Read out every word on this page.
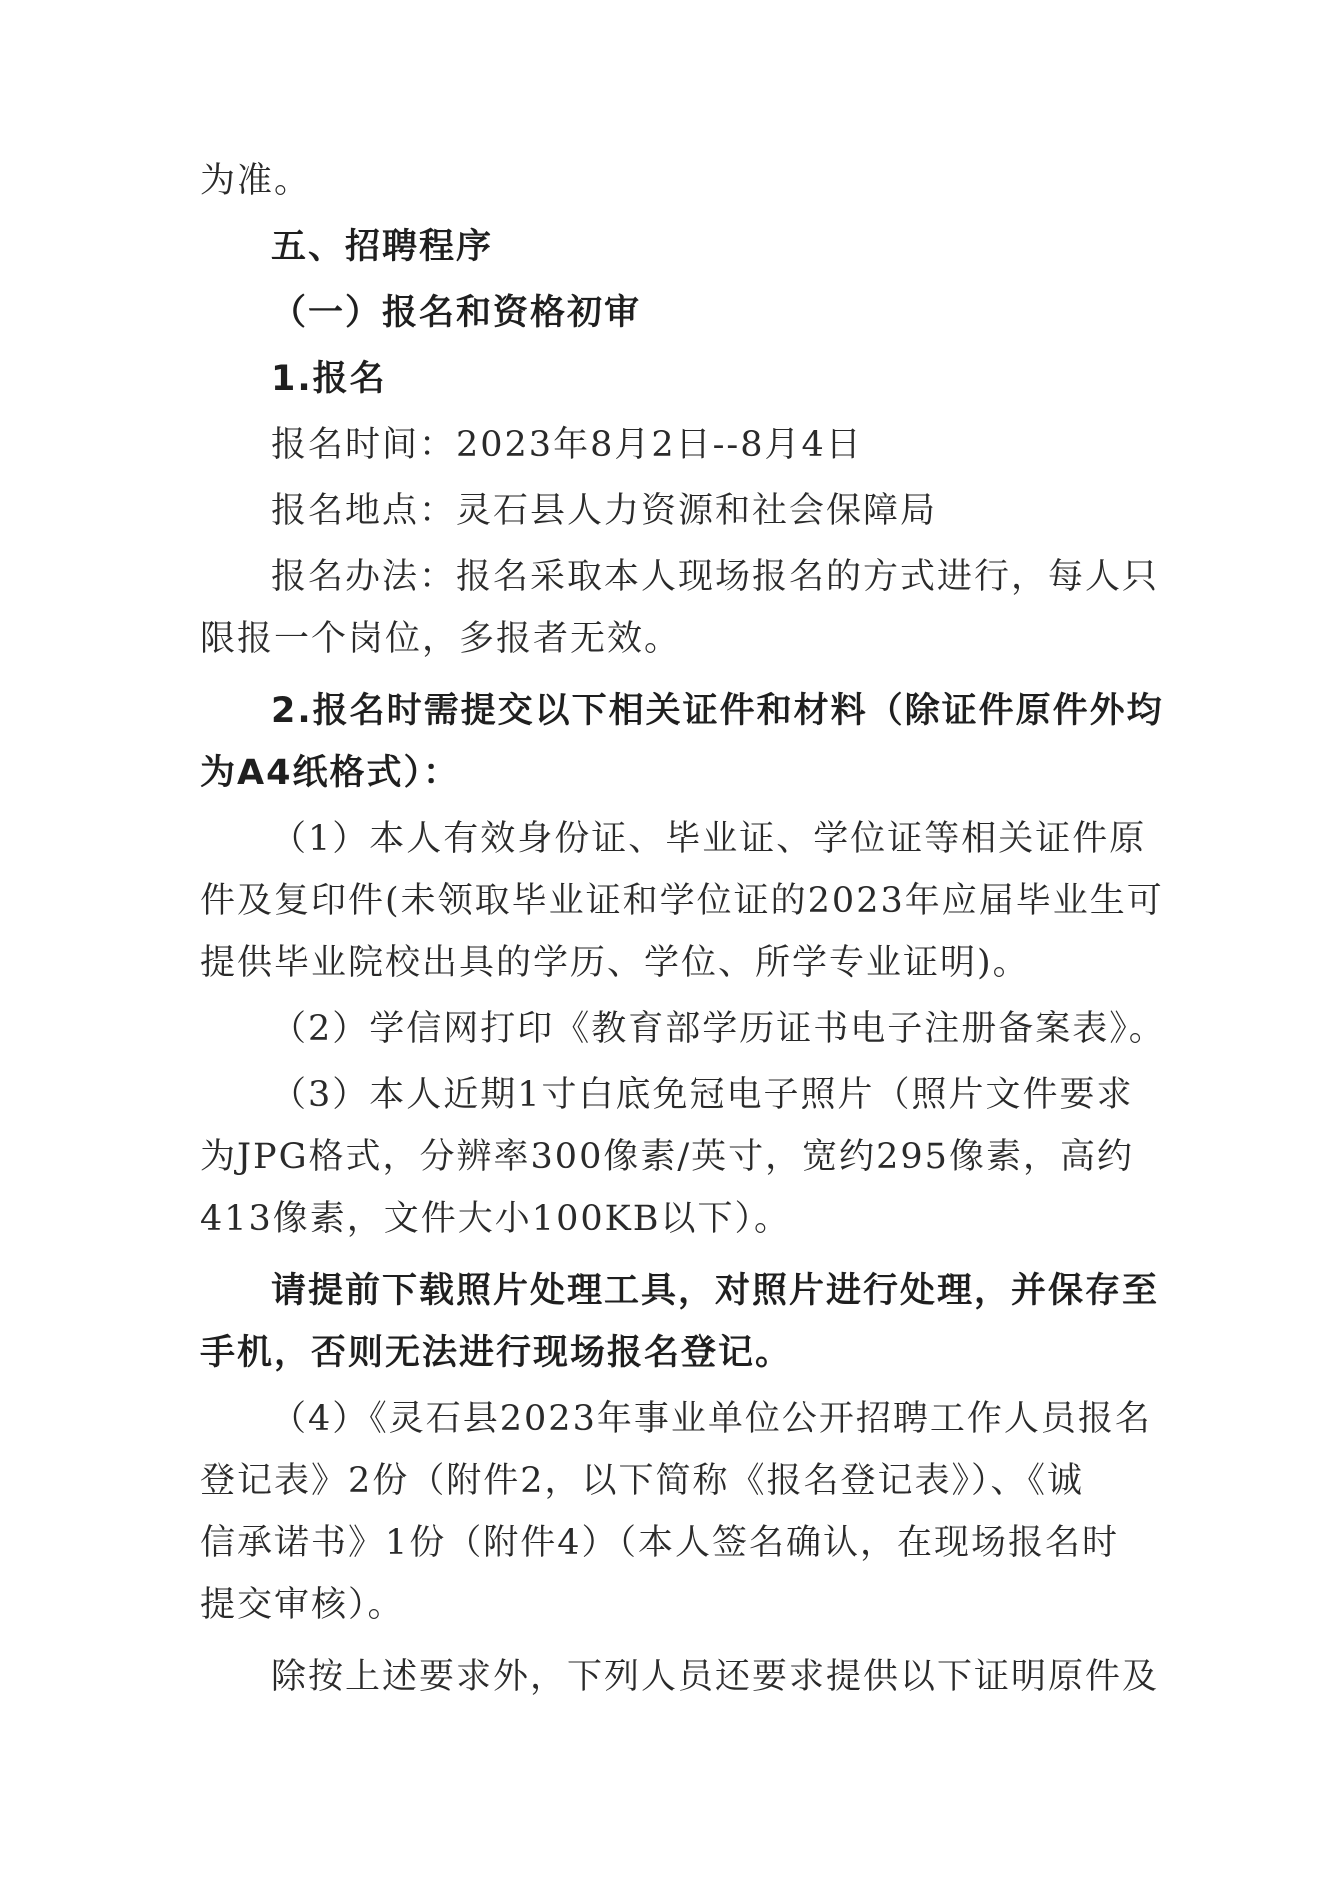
为准。

五、招聘程序

（一）报名和资格初审

1.报名

报名时间：2023年8月2日--8月4日

报名地点：灵石县人力资源和社会保障局

报名办法：报名采取本人现场报名的方式进行，每人只

限报一个岗位，多报者无效。

2.报名时需提交以下相关证件和材料（除证件原件外均

为A4纸格式）：

（1）本人有效身份证、毕业证、学位证等相关证件原

件及复印件(未领取毕业证和学位证的2023年应届毕业生可

提供毕业院校出具的学历、学位、所学专业证明)。

（2）学信网打印《教育部学历证书电子注册备案表》。

（3）本人近期1寸白底免冠电子照片（照片文件要求

为JPG格式，分辨率300像素/英寸，宽约295像素，高约

413像素，文件大小100KB以下）。

请提前下载照片处理工具，对照片进行处理，并保存至

手机，否则无法进行现场报名登记。

（4）《灵石县2023年事业单位公开招聘工作人员报名

登记表》2份（附件2，以下简称《报名登记表》）、《诚

信承诺书》1份（附件4）（本人签名确认，在现场报名时

提交审核）。

除按上述要求外，下列人员还要求提供以下证明原件及
